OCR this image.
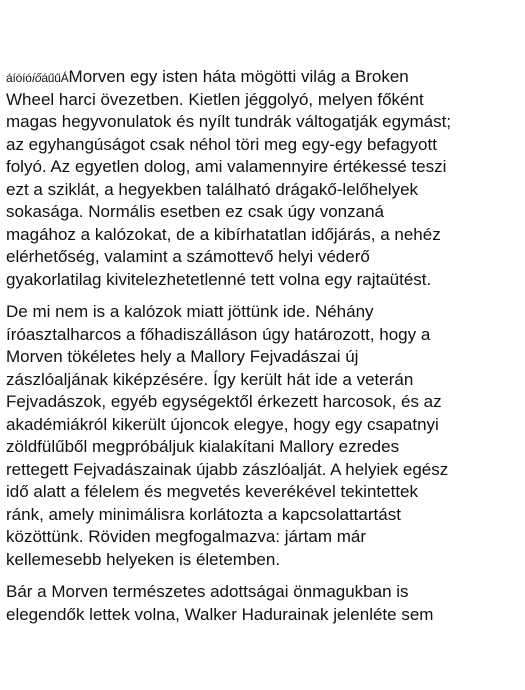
áíóíóíőáűűÁMorven egy isten háta mögötti világ a Broken
Wheel harci övezetben. Kietlen jéggolyó, melyen főként
magas hegyvonulatok és nyílt tundrák váltogatják egymást;
az egyhangúságot csak néhol töri meg egy-egy befagyott
folyó. Az egyetlen dolog, ami valamennyire értékessé teszi
ezt a sziklát, a hegyekben található drágakő-lelőhelyek
sokasága. Normális esetben ez csak úgy vonzaná
magához a kalózokat, de a kibírhatatlan időjárás, a nehéz
elérhetőség, valamint a számottevő helyi véderő
gyakorlatilag kivitelezhetetlenné tett volna egy rajtaütést.

De mi nem is a kalózok miatt jöttünk ide. Néhány
íróasztalharcos a főhadiszálláson úgy határozott, hogy a
Morven tökéletes hely a Mallory Fejvadászai új
zászlóaljának kiképzésére. Így került hát ide a veterán
Fejvadászok, egyéb egységektől érkezett harcosok, és az
akadémiákról kikerült újoncok elegye, hogy egy csapatnyi
zöldfülűből megpróbáljuk kialakítani Mallory ezredes
rettegett Fejvadászainak újabb zászlóalját. A helyiek egész
idő alatt a félelem és megvetés keverékével tekintettek
ránk, amely minimálisra korlátozta a kapcsolattartást
közöttünk. Röviden megfogalmazva: jártam már
kellemesebb helyeken is életemben.

Bár a Morven természetes adottságai önmagukban is
elegendők lettek volna, Walker Hadurainak jelenléte sem
